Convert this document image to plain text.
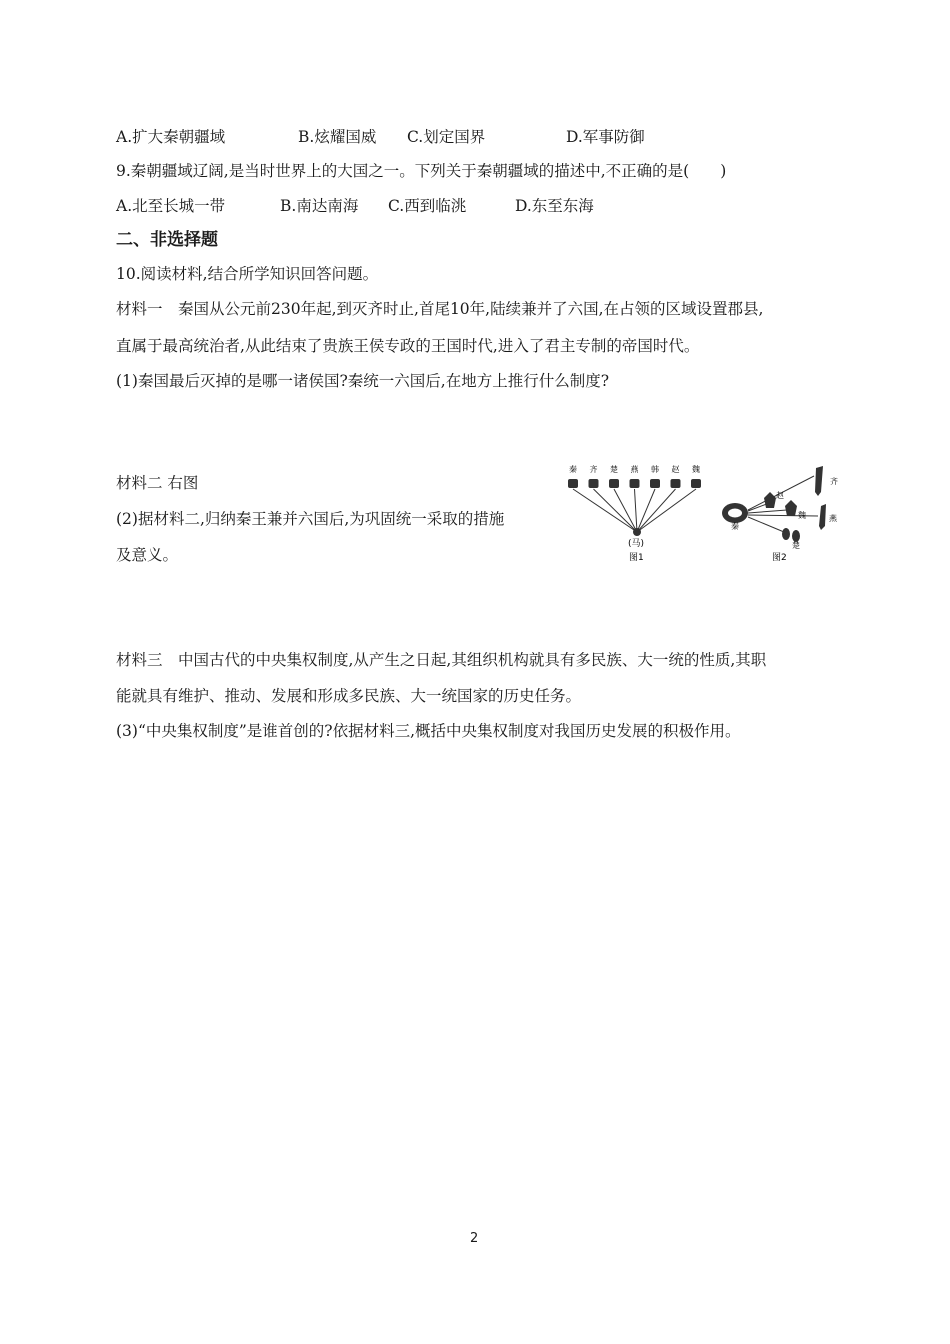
A.扩大秦朝疆域	B.炫耀国威 C.划定国界	D.军事防御
9.秦朝疆域辽阔,是当时世界上的大国之一。下列关于秦朝疆域的描述中,不正确的是(　　)
A.北至长城一带	B.南达南海 C.西到临洮	D.东至东海
二、非选择题
10.阅读材料,结合所学知识回答问题。
材料一　秦国从公元前230年起,到灭齐时止,首尾10年,陆续兼并了六国,在占领的区域设置郡县,
直属于最高统治者,从此结束了贵族王侯专政的王国时代,进入了君主专制的帝国时代。
(1)秦国最后灭掉的是哪一诸侯国?秦统一六国后,在地方上推行什么制度?
材料二 右图
(2)据材料二,归纳秦王兼并六国后,为巩固统一采取的措施
及意义。
秦 齐 楚 燕 韩 赵 魏
(马)
图1
齐
赵
魏	燕
秦
楚
图2
材料三　中国古代的中央集权制度,从产生之日起,其组织机构就具有多民族、大一统的性质,其职
能就具有维护、推动、发展和形成多民族、大一统国家的历史任务。
(3)“中央集权制度”是谁首创的?依据材料三,概括中央集权制度对我国历史发展的积极作用。
2
